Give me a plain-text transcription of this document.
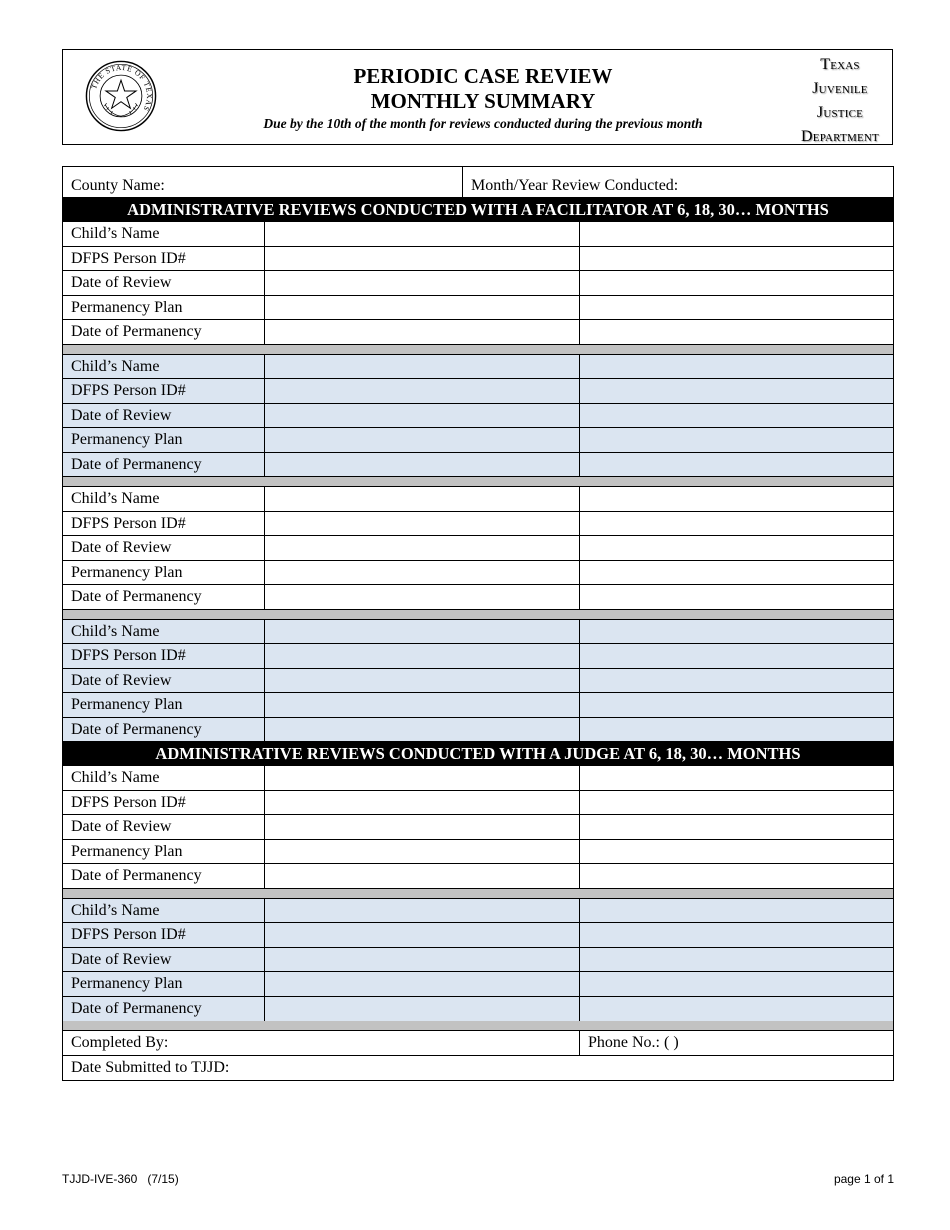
THE STATE OF TEXAS
PERIODIC CASE REVIEW
MONTHLY SUMMARY
Due by the 10th of the month for reviews conducted during the previous month
Texas
Juvenile
Justice
Department
County Name:	Month/Year Review Conducted:
ADMINISTRATIVE REVIEWS CONDUCTED WITH A FACILITATOR AT 6, 18, 30… MONTHS
Child’s Name
DFPS Person ID#
Date of Review
Permanency Plan
Date of Permanency
Child’s Name
DFPS Person ID#
Date of Review
Permanency Plan
Date of Permanency
Child’s Name
DFPS Person ID#
Date of Review
Permanency Plan
Date of Permanency
Child’s Name
DFPS Person ID#
Date of Review
Permanency Plan
Date of Permanency
ADMINISTRATIVE REVIEWS CONDUCTED WITH A JUDGE AT 6, 18, 30… MONTHS
Child’s Name
DFPS Person ID#
Date of Review
Permanency Plan
Date of Permanency
Child’s Name
DFPS Person ID#
Date of Review
Permanency Plan
Date of Permanency
Completed By:	Phone No.: ( )
Date Submitted to TJJD:
TJJD-IVE-360   (7/15)	page 1 of 1
